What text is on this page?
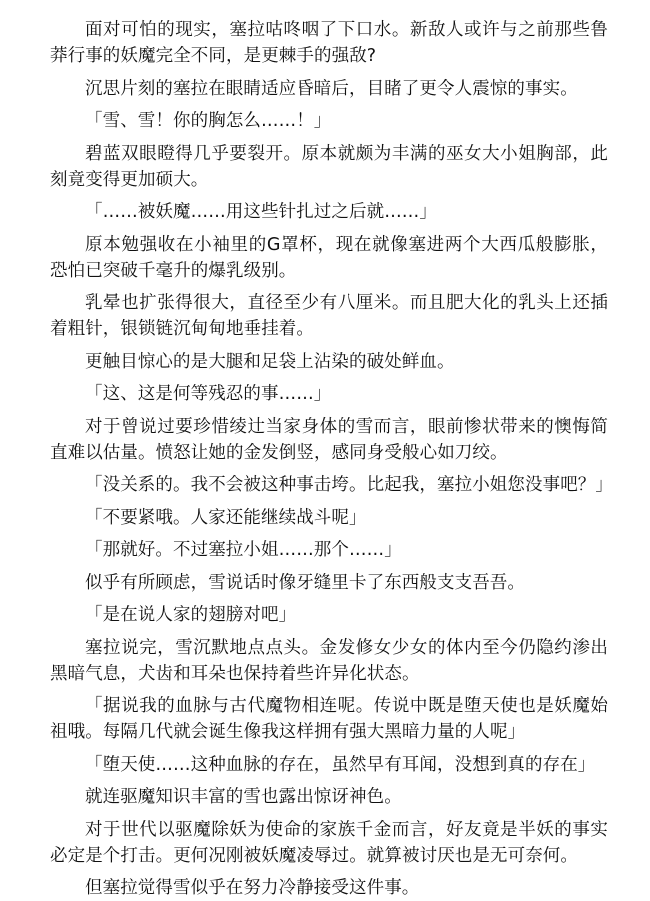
面对可怕的现实，塞拉咕咚咽了下口水。新敌人或许与之前那些鲁莽行事的妖魔完全不同，是更棘手的强敌?

沉思片刻的塞拉在眼睛适应昏暗后，目睹了更令人震惊的事实。

「雪、雪！你的胸怎么……！」

碧蓝双眼瞪得几乎要裂开。原本就颇为丰满的巫女大小姐胸部，此刻竟变得更加硕大。

「……被妖魔……用这些针扎过之后就……」

原本勉强收在小袖里的G罩杯，现在就像塞进两个大西瓜般膨胀，恐怕已突破千毫升的爆乳级别。

乳晕也扩张得很大，直径至少有八厘米。而且肥大化的乳头上还插着粗针，银锁链沉甸甸地垂挂着。

更触目惊心的是大腿和足袋上沾染的破处鲜血。

「这、这是何等残忍的事……」

对于曾说过要珍惜绫辻当家身体的雪而言，眼前惨状带来的懊悔简直难以估量。愤怒让她的金发倒竖，感同身受般心如刀绞。

「没关系的。我不会被这种事击垮。比起我，塞拉小姐您没事吧？」

「不要紧哦。人家还能继续战斗呢」

「那就好。不过塞拉小姐……那个……」

似乎有所顾虑，雪说话时像牙缝里卡了东西般支支吾吾。

「是在说人家的翅膀对吧」

塞拉说完，雪沉默地点点头。金发修女少女的体内至今仍隐约渗出黑暗气息，犬齿和耳朵也保持着些许异化状态。

「据说我的血脉与古代魔物相连呢。传说中既是堕天使也是妖魔始祖哦。每隔几代就会诞生像我这样拥有强大黑暗力量的人呢」

「堕天使……这种血脉的存在，虽然早有耳闻，没想到真的存在」

就连驱魔知识丰富的雪也露出惊讶神色。

对于世代以驱魔除妖为使命的家族千金而言，好友竟是半妖的事实必定是个打击。更何况刚被妖魔凌辱过。就算被讨厌也是无可奈何。

但塞拉觉得雪似乎在努力冷静接受这件事。
